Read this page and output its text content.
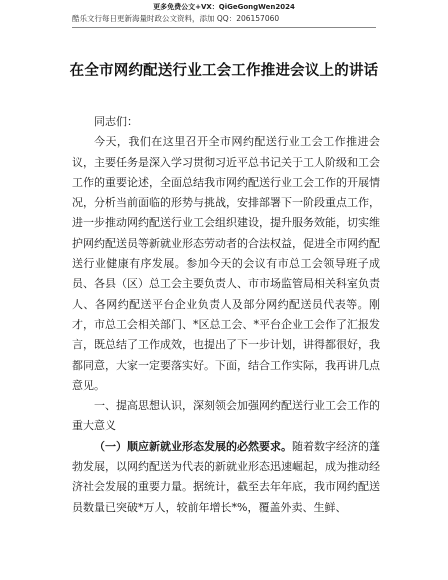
更多免费公文+VX：QiGeGongWen2024
酷乐文行每日更新海量时政公文资料，添加 QQ：206157060
在全市网约配送行业工会工作推进会议上的讲话

同志们：

今天，我们在这里召开全市网约配送行业工会工作推进会议，主要任务是深入学习贯彻习近平总书记关于工人阶级和工会工作的重要论述，全面总结我市网约配送行业工会工作的开展情况，分析当前面临的形势与挑战，安排部署下一阶段重点工作，进一步推动网约配送行业工会组织建设，提升服务效能，切实维护网约配送员等新就业形态劳动者的合法权益，促进全市网约配送行业健康有序发展。参加今天的会议有市总工会领导班子成员、各县（区）总工会主要负责人、市市场监管局相关科室负责人、各网约配送平台企业负责人及部分网约配送员代表等。刚才，市总工会相关部门、*区总工会、*平台企业工会作了汇报发言，既总结了工作成效，也提出了下一步计划，讲得都很好，我都同意，大家一定要落实好。下面，结合工作实际，我再讲几点意见。

一、提高思想认识，深刻领会加强网约配送行业工会工作的重大意义

（一）顺应新就业形态发展的必然要求。随着数字经济的蓬勃发展，以网约配送为代表的新就业形态迅速崛起，成为推动经济社会发展的重要力量。据统计，截至去年年底，我市网约配送员数量已突破*万人，较前年增长*%，覆盖外卖、生鲜、
